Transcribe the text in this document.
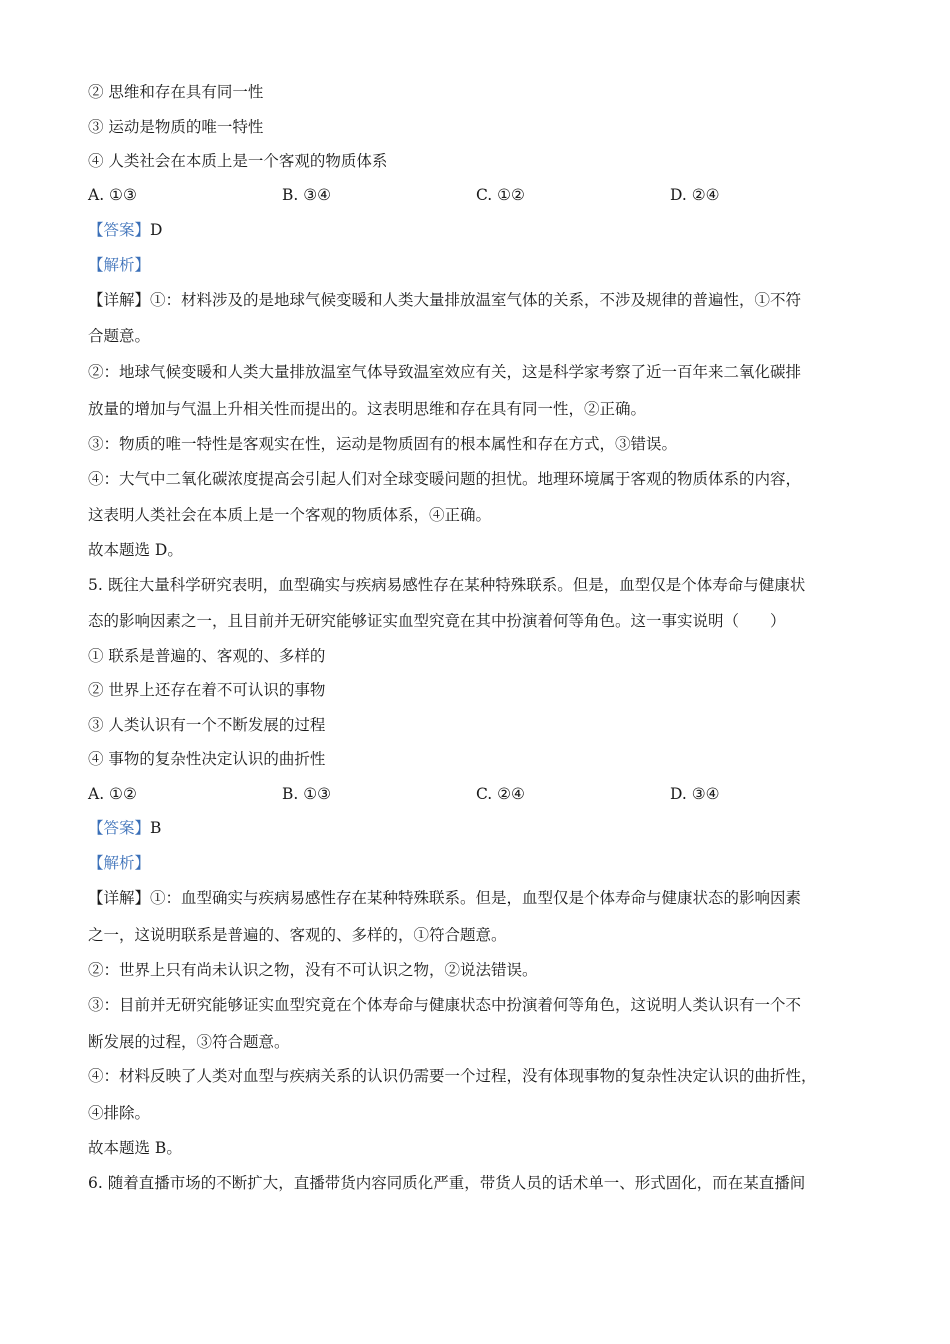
② 思维和存在具有同一性
③ 运动是物质的唯一特性
④ 人类社会在本质上是一个客观的物质体系
A. ①③	B. ③④	C. ①②	D. ②④
【答案】D
【解析】
【详解】①：材料涉及的是地球气候变暖和人类大量排放温室气体的关系，不涉及规律的普遍性，①不符
合题意。
②：地球气候变暖和人类大量排放温室气体导致温室效应有关，这是科学家考察了近一百年来二氧化碳排
放量的增加与气温上升相关性而提出的。这表明思维和存在具有同一性，②正确。
③：物质的唯一特性是客观实在性，运动是物质固有的根本属性和存在方式，③错误。
④：大气中二氧化碳浓度提高会引起人们对全球变暖问题的担忧。地理环境属于客观的物质体系的内容，
这表明人类社会在本质上是一个客观的物质体系，④正确。
故本题选 D。
5. 既往大量科学研究表明，血型确实与疾病易感性存在某种特殊联系。但是，血型仅是个体寿命与健康状
态的影响因素之一，且目前并无研究能够证实血型究竟在其中扮演着何等角色。这一事实说明（　　）
① 联系是普遍的、客观的、多样的
② 世界上还存在着不可认识的事物
③ 人类认识有一个不断发展的过程
④ 事物的复杂性决定认识的曲折性
A. ①②	B. ①③	C. ②④	D. ③④
【答案】B
【解析】
【详解】①：血型确实与疾病易感性存在某种特殊联系。但是，血型仅是个体寿命与健康状态的影响因素
之一，这说明联系是普遍的、客观的、多样的，①符合题意。
②：世界上只有尚未认识之物，没有不可认识之物，②说法错误。
③：目前并无研究能够证实血型究竟在个体寿命与健康状态中扮演着何等角色，这说明人类认识有一个不
断发展的过程，③符合题意。
④：材料反映了人类对血型与疾病关系的认识仍需要一个过程，没有体现事物的复杂性决定认识的曲折性，
④排除。
故本题选 B。
6. 随着直播市场的不断扩大，直播带货内容同质化严重，带货人员的话术单一、形式固化，而在某直播间
